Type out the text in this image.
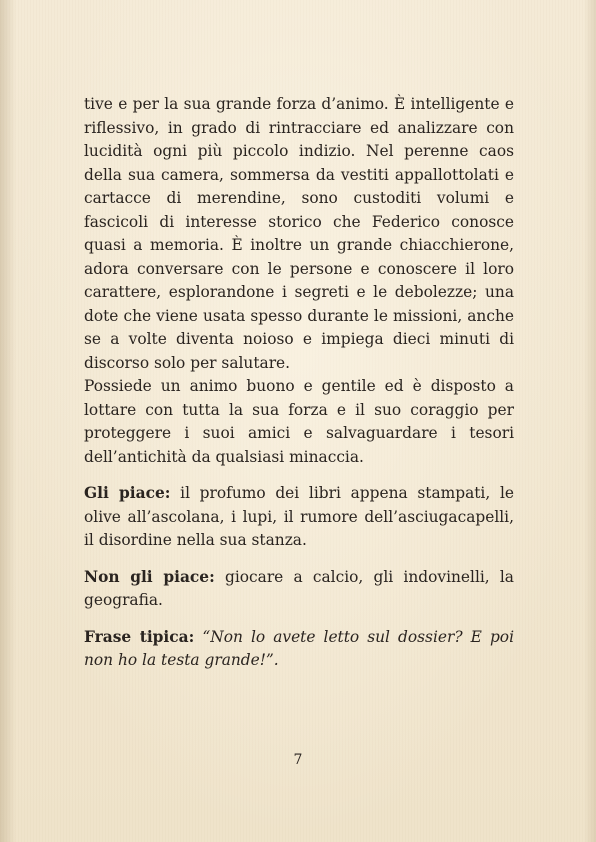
tive e per la sua grande forza d’animo. È intelligente e riflessivo, in grado di rintracciare ed analizzare con lucidità ogni più piccolo indizio. Nel perenne caos della sua camera, sommersa da vestiti appallottolati e cartacce di merendine, sono custoditi volumi e fascicoli di interesse storico che Federico conosce quasi a memoria. È inoltre un grande chiacchierone, adora conversare con le persone e conoscere il loro carattere, esplorandone i segreti e le debolezze; una dote che viene usata spesso durante le missioni, anche se a volte diventa noioso e impiega dieci minuti di discorso solo per salutare.

Possiede un animo buono e gentile ed è disposto a lottare con tutta la sua forza e il suo coraggio per proteggere i suoi amici e salvaguardare i tesori dell’antichità da qualsiasi minaccia.

Gli piace: il profumo dei libri appena stampati, le olive all’ascolana, i lupi, il rumore dell’asciugacapelli, il disordine nella sua stanza.

Non gli piace: giocare a calcio, gli indovinelli, la geografia.

Frase tipica: “Non lo avete letto sul dossier? E poi non ho la testa grande!”.

7
